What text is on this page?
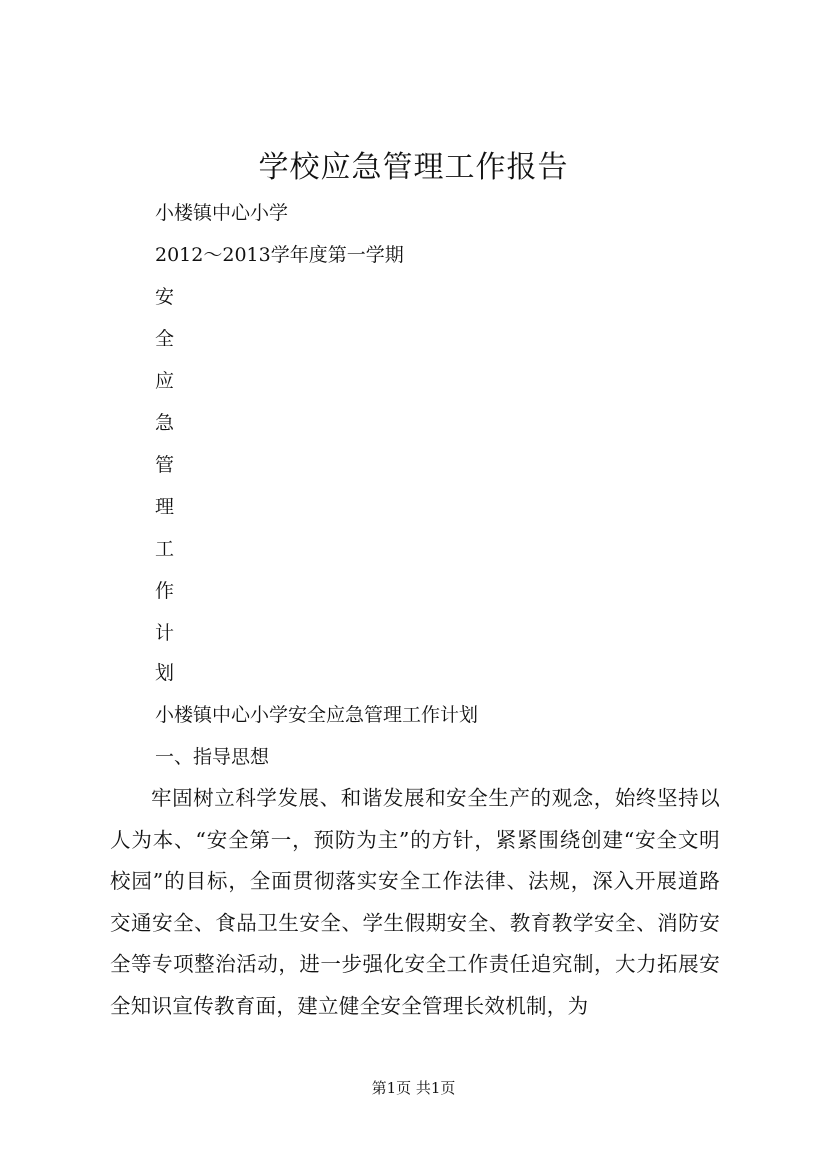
学校应急管理工作报告
小楼镇中心小学
2012～2013学年度第一学期
安
全
应
急
管
理
工
作
计
划
小楼镇中心小学安全应急管理工作计划
一、指导思想

牢固树立科学发展、和谐发展和安全生产的观念，始终坚持以人为本、“安全第一，预防为主”的方针，紧紧围绕创建“安全文明校园”的目标，全面贯彻落实安全工作法律、法规，深入开展道路交通安全、食品卫生安全、学生假期安全、教育教学安全、消防安全等专项整治活动，进一步强化安全工作责任追究制，大力拓展安全知识宣传教育面，建立健全安全管理长效机制，为

第1页 共1页
